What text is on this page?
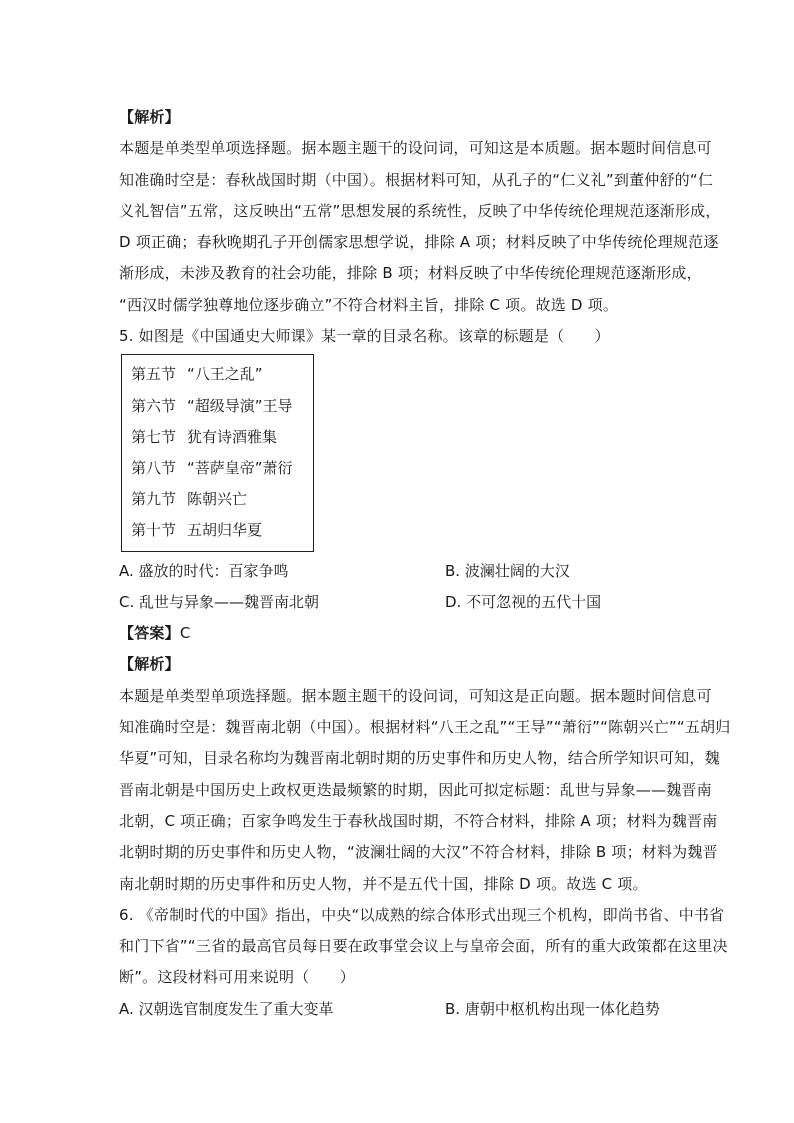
【解析】
本题是单类型单项选择题。据本题主题干的设问词，可知这是本质题。据本题时间信息可
知准确时空是：春秋战国时期（中国）。根据材料可知，从孔子的“仁义礼”到董仲舒的“仁
义礼智信”五常，这反映出“五常”思想发展的系统性，反映了中华传统伦理规范逐渐形成，
D 项正确；春秋晚期孔子开创儒家思想学说，排除 A 项；材料反映了中华传统伦理规范逐
渐形成，未涉及教育的社会功能，排除 B 项；材料反映了中华传统伦理规范逐渐形成，
“西汉时儒学独尊地位逐步确立”不符合材料主旨，排除 C 项。故选 D 项。
5. 如图是《中国通史大师课》某一章的目录名称。该章的标题是（　　）
第五节 “八王之乱”
第六节 “超级导演”王导
第七节 犹有诗酒雅集
第八节 “菩萨皇帝”萧衍
第九节 陈朝兴亡
第十节 五胡归华夏
A. 盛放的时代：百家争鸣	B. 波澜壮阔的大汉
C. 乱世与异象——魏晋南北朝	D. 不可忽视的五代十国
【答案】C
【解析】
本题是单类型单项选择题。据本题主题干的设问词，可知这是正向题。据本题时间信息可
知准确时空是：魏晋南北朝（中国）。根据材料“八王之乱”“王导”“萧衍”“陈朝兴亡”“五胡归
华夏”可知，目录名称均为魏晋南北朝时期的历史事件和历史人物，结合所学知识可知，魏
晋南北朝是中国历史上政权更迭最频繁的时期，因此可拟定标题：乱世与异象——魏晋南
北朝，C 项正确；百家争鸣发生于春秋战国时期，不符合材料，排除 A 项；材料为魏晋南
北朝时期的历史事件和历史人物，“波澜壮阔的大汉”不符合材料，排除 B 项；材料为魏晋
南北朝时期的历史事件和历史人物，并不是五代十国，排除 D 项。故选 C 项。
6. 《帝制时代的中国》指出，中央“以成熟的综合体形式出现三个机构，即尚书省、中书省
和门下省”“三省的最高官员每日要在政事堂会议上与皇帝会面，所有的重大政策都在这里决
断”。这段材料可用来说明（　　）
A. 汉朝选官制度发生了重大变革	B. 唐朝中枢机构出现一体化趋势
